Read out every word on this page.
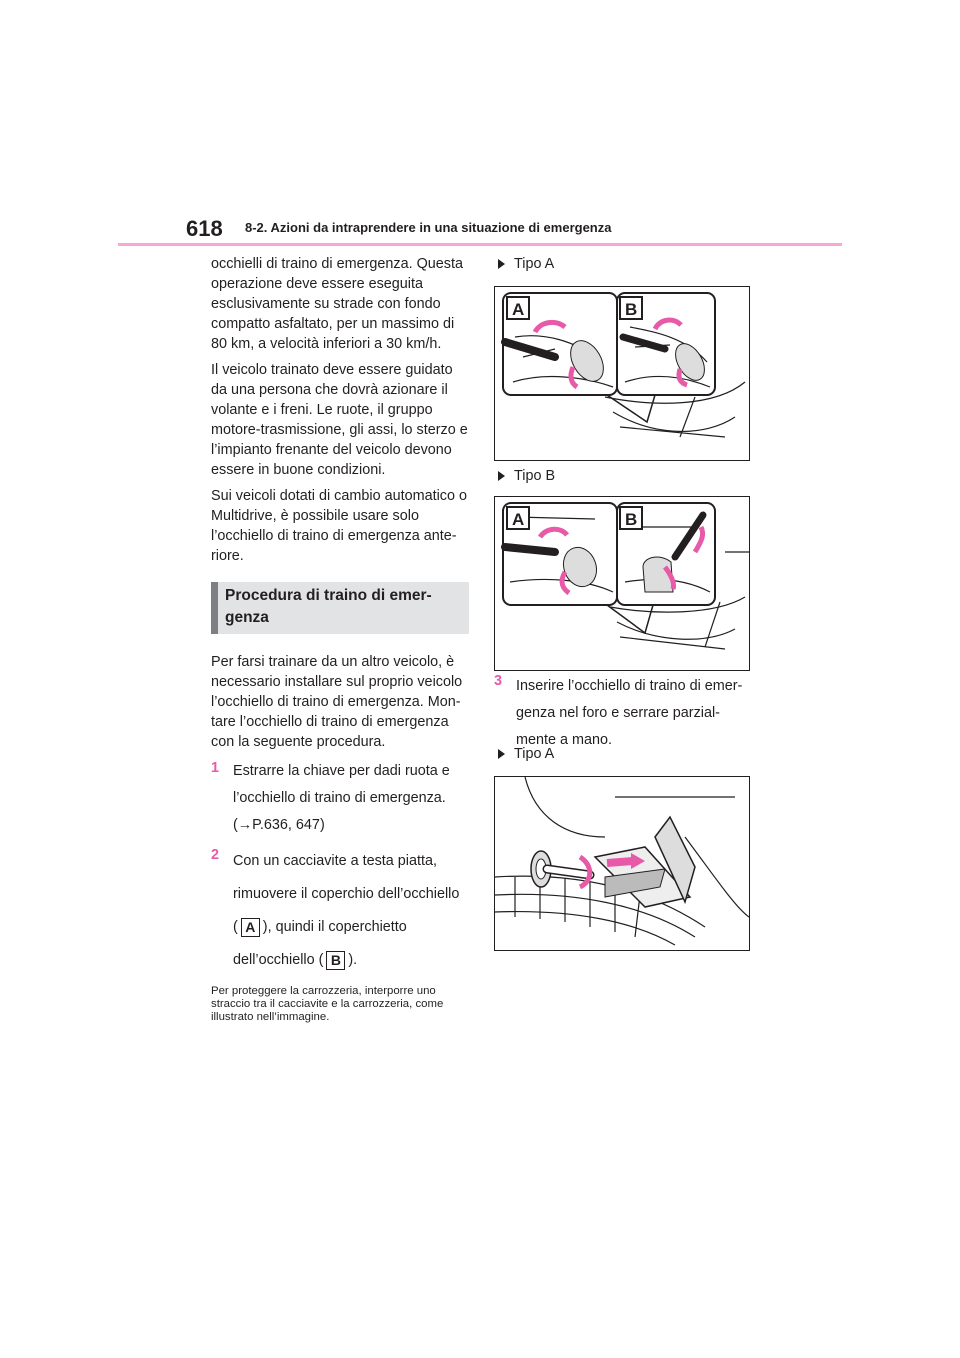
618 8-2. Azioni da intraprendere in una situazione di emergenza

occhielli di traino di emergenza. Questa operazione deve essere eseguita esclusivamente su strade con fondo compatto asfaltato, per un massimo di 80 km, a velocità inferiori a 30 km/h.

Il veicolo trainato deve essere guidato da una persona che dovrà azionare il volante e i freni. Le ruote, il gruppo motore-trasmissione, gli assi, lo sterzo e l’impianto frenante del veicolo devono essere in buone condizioni.

Sui veicoli dotati di cambio automatico o Multidrive, è possibile usare solo l’occhiello di traino di emergenza ante- riore.

Procedura di traino di emer- genza

Per farsi trainare da un altro veicolo, è necessario installare sul proprio veicolo l’occhiello di traino di emergenza. Mon- tare l’occhiello di traino di emergenza con la seguente procedura.

1 Estrarre la chiave per dadi ruota e l’occhiello di traino di emergenza.
(→P.636, 647)
2 Con un cacciavite a testa piatta, rimuovere il coperchio dell’occhiello
( A ), quindi il coperchietto
dell’occhiello ( B ).
Per proteggere la carrozzeria, interporre uno straccio tra il cacciavite e la carrozzeria, come illustrato nell’immagine.
Tipo A
A	B
Tipo B
A	B
3 Inserire l’occhiello di traino di emer- genza nel foro e serrare parzial- mente a mano.
Tipo A
